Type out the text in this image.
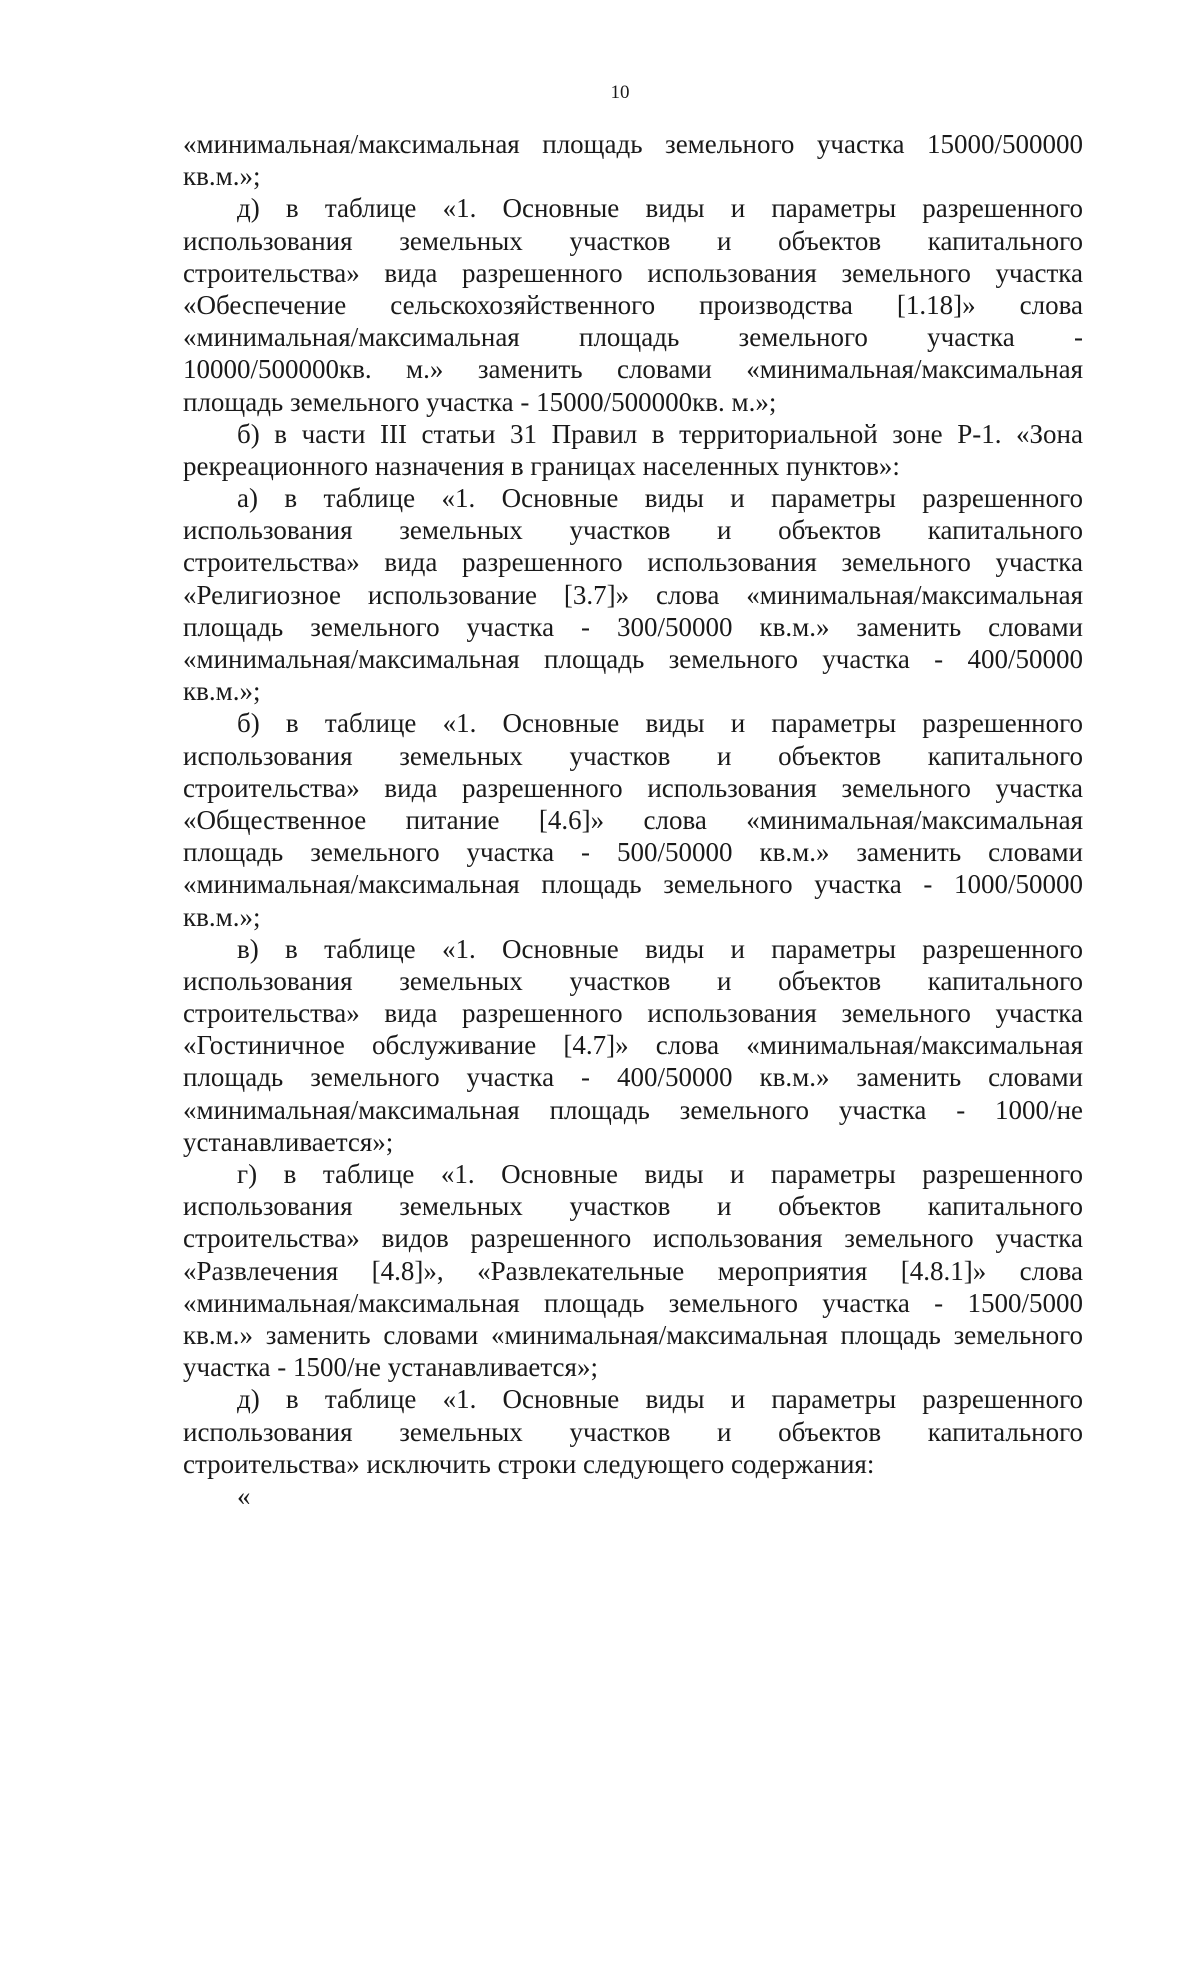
10
«минимальная/максимальная площадь земельного участка 15000/500000
кв.м.»;
д) в таблице «1. Основные виды и параметры разрешенного
использования земельных участков и объектов капитального
строительства» вида разрешенного использования земельного участка
«Обеспечение сельскохозяйственного производства [1.18]» слова
«минимальная/максимальная площадь земельного участка -
10000/500000кв. м.» заменить словами «минимальная/максимальная
площадь земельного участка - 15000/500000кв. м.»;
б) в части III статьи 31 Правил в территориальной зоне Р-1. «Зона
рекреационного назначения в границах населенных пунктов»:
а) в таблице «1. Основные виды и параметры разрешенного
использования земельных участков и объектов капитального
строительства» вида разрешенного использования земельного участка
«Религиозное использование [3.7]» слова «минимальная/максимальная
площадь земельного участка - 300/50000 кв.м.» заменить словами
«минимальная/максимальная площадь земельного участка - 400/50000
кв.м.»;
б) в таблице «1. Основные виды и параметры разрешенного
использования земельных участков и объектов капитального
строительства» вида разрешенного использования земельного участка
«Общественное питание [4.6]» слова «минимальная/максимальная
площадь земельного участка - 500/50000 кв.м.» заменить словами
«минимальная/максимальная площадь земельного участка - 1000/50000
кв.м.»;
в) в таблице «1. Основные виды и параметры разрешенного
использования земельных участков и объектов капитального
строительства» вида разрешенного использования земельного участка
«Гостиничное обслуживание [4.7]» слова «минимальная/максимальная
площадь земельного участка - 400/50000 кв.м.» заменить словами
«минимальная/максимальная площадь земельного участка - 1000/не
устанавливается»;
г) в таблице «1. Основные виды и параметры разрешенного
использования земельных участков и объектов капитального
строительства» видов разрешенного использования земельного участка
«Развлечения [4.8]», «Развлекательные мероприятия [4.8.1]» слова
«минимальная/максимальная площадь земельного участка - 1500/5000
кв.м.» заменить словами «минимальная/максимальная площадь земельного
участка - 1500/не устанавливается»;
д) в таблице «1. Основные виды и параметры разрешенного
использования земельных участков и объектов капитального
строительства» исключить строки следующего содержания:
«
